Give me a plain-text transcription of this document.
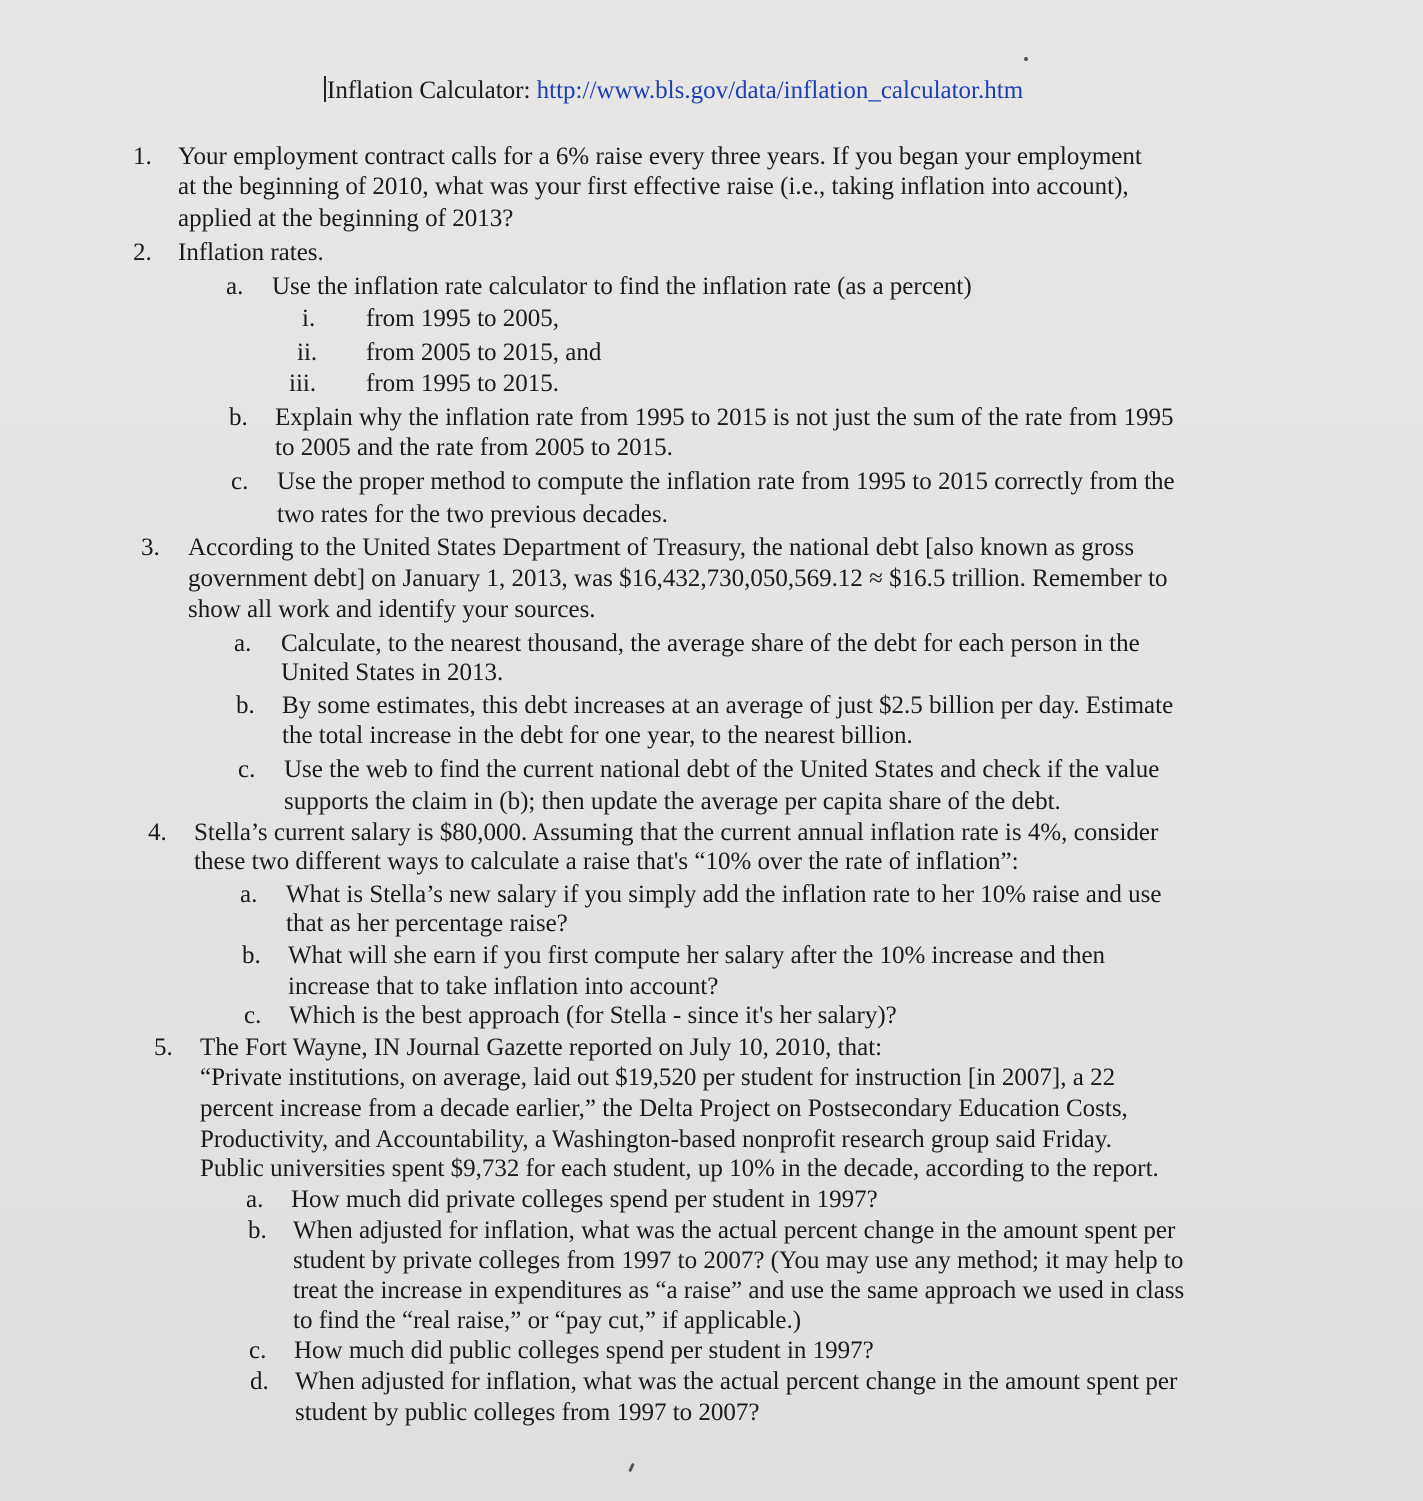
Inflation Calculator: http://www.bls.gov/data/inflation_calculator.htm
1. Your employment contract calls for a 6% raise every three years. If you began your employment
at the beginning of 2010, what was your first effective raise (i.e., taking inflation into account),
applied at the beginning of 2013?
2. Inflation rates.
a. Use the inflation rate calculator to find the inflation rate (as a percent)
i. from 1995 to 2005,
ii. from 2005 to 2015, and
iii. from 1995 to 2015.
b. Explain why the inflation rate from 1995 to 2015 is not just the sum of the rate from 1995
to 2005 and the rate from 2005 to 2015.
c. Use the proper method to compute the inflation rate from 1995 to 2015 correctly from the
two rates for the two previous decades.
3. According to the United States Department of Treasury, the national debt [also known as gross
government debt] on January 1, 2013, was $16,432,730,050,569.12 ≈ $16.5 trillion. Remember to
show all work and identify your sources.
a. Calculate, to the nearest thousand, the average share of the debt for each person in the
United States in 2013.
b. By some estimates, this debt increases at an average of just $2.5 billion per day. Estimate
the total increase in the debt for one year, to the nearest billion.
c. Use the web to find the current national debt of the United States and check if the value
supports the claim in (b); then update the average per capita share of the debt.
4. Stella’s current salary is $80,000. Assuming that the current annual inflation rate is 4%, consider
these two different ways to calculate a raise that's “10% over the rate of inflation”:
a. What is Stella’s new salary if you simply add the inflation rate to her 10% raise and use
that as her percentage raise?
b. What will she earn if you first compute her salary after the 10% increase and then
increase that to take inflation into account?
c. Which is the best approach (for Stella - since it's her salary)?
5. The Fort Wayne, IN Journal Gazette reported on July 10, 2010, that:
“Private institutions, on average, laid out $19,520 per student for instruction [in 2007], a 22
percent increase from a decade earlier,” the Delta Project on Postsecondary Education Costs,
Productivity, and Accountability, a Washington-based nonprofit research group said Friday.
Public universities spent $9,732 for each student, up 10% in the decade, according to the report.
a. How much did private colleges spend per student in 1997?
b. When adjusted for inflation, what was the actual percent change in the amount spent per
student by private colleges from 1997 to 2007? (You may use any method; it may help to
treat the increase in expenditures as “a raise” and use the same approach we used in class
to find the “real raise,” or “pay cut,” if applicable.)
c. How much did public colleges spend per student in 1997?
d. When adjusted for inflation, what was the actual percent change in the amount spent per
student by public colleges from 1997 to 2007?
